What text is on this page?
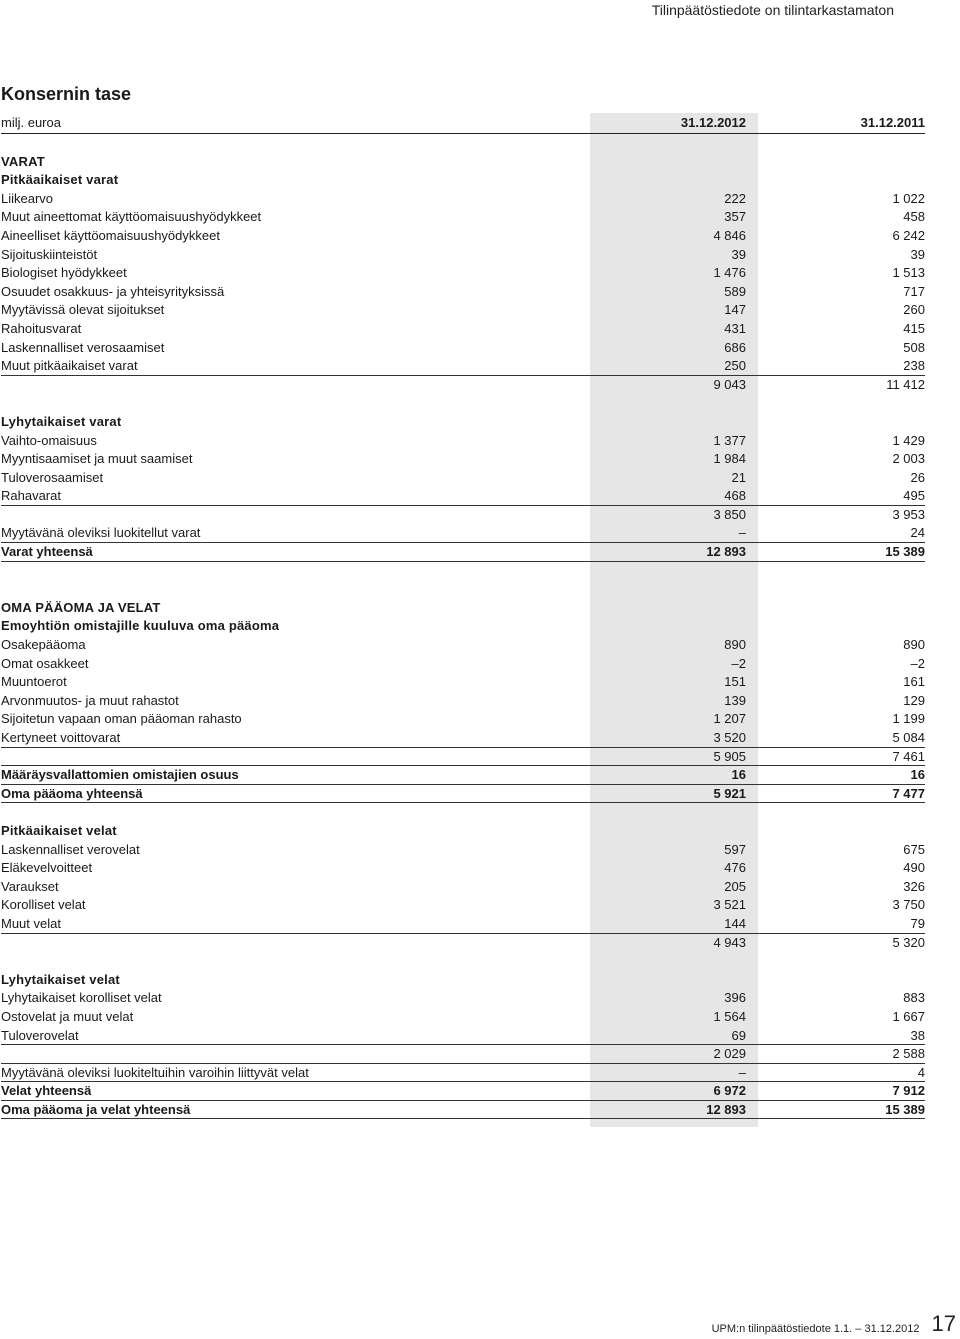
Tilinpäätöstiedote on tilintarkastamaton
Konsernin tase
milj. euroa	31.12.2012	31.12.2011
VARAT
Pitkäaikaiset varat
Liikearvo	222	1 022
Muut aineettomat käyttöomaisuushyödykkeet	357	458
Aineelliset käyttöomaisuushyödykkeet	4 846	6 242
Sijoituskiinteistöt	39	39
Biologiset hyödykkeet	1 476	1 513
Osuudet osakkuus- ja yhteisyrityksissä	589	717
Myytävissä olevat sijoitukset	147	260
Rahoitusvarat	431	415
Laskennalliset verosaamiset	686	508
Muut pitkäaikaiset varat	250	238
9 043	11 412
Lyhytaikaiset varat
Vaihto-omaisuus	1 377	1 429
Myyntisaamiset ja muut saamiset	1 984	2 003
Tuloverosaamiset	21	26
Rahavarat	468	495
3 850	3 953
Myytävänä oleviksi luokitellut varat	–	24
Varat yhteensä	12 893	15 389
OMA PÄÄOMA JA VELAT
Emoyhtiön omistajille kuuluva oma pääoma
Osakepääoma	890	890
Omat osakkeet	–2	–2
Muuntoerot	151	161
Arvonmuutos- ja muut rahastot	139	129
Sijoitetun vapaan oman pääoman rahasto	1 207	1 199
Kertyneet voittovarat	3 520	5 084
5 905	7 461
Määräysvallattomien omistajien osuus	16	16
Oma pääoma yhteensä	5 921	7 477
Pitkäaikaiset velat
Laskennalliset verovelat	597	675
Eläkevelvoitteet	476	490
Varaukset	205	326
Korolliset velat	3 521	3 750
Muut velat	144	79
4 943	5 320
Lyhytaikaiset velat
Lyhytaikaiset korolliset velat	396	883
Ostovelat ja muut velat	1 564	1 667
Tuloverovelat	69	38
2 029	2 588
Myytävänä oleviksi luokiteltuihin varoihin liittyvät velat	–	4
Velat yhteensä	6 972	7 912
Oma pääoma ja velat yhteensä	12 893	15 389
UPM:n tilinpäätöstiedote 1.1. – 31.12.2012 17
